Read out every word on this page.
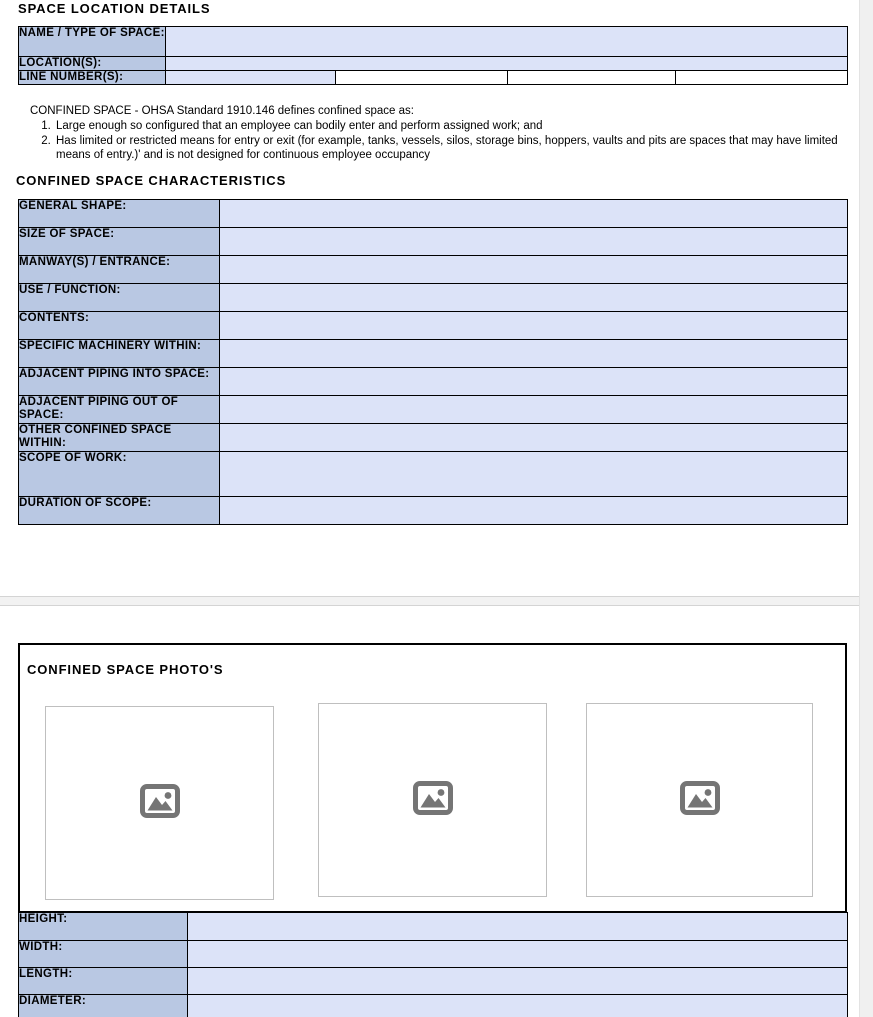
SPACE LOCATION DETAILS
NAME / TYPE OF SPACE:				
LOCATION(S):				
LINE NUMBER(S):				

CONFINED SPACE - OHSA Standard 1910.146 defines confined space as:

1. Large enough so configured that an employee can bodily enter and perform assigned work; and
2. Has limited or restricted means for entry or exit (for example, tanks, vessels, silos, storage bins, hoppers, vaults and pits are spaces that may have limited means of entry.)' and is not designed for continuous employee occupancy
CONFINED SPACE CHARACTERISTICS
GENERAL SHAPE:	
SIZE OF SPACE:	
MANWAY(S) / ENTRANCE:	
USE / FUNCTION:	
CONTENTS:	
SPECIFIC MACHINERY WITHIN:	
ADJACENT PIPING INTO SPACE:	
ADJACENT PIPING OUT OF SPACE:	
OTHER CONFINED SPACE WITHIN:	
SCOPE OF WORK:	
DURATION OF SCOPE:	
CONFINED SPACE PHOTO'S
HEIGHT:	
WIDTH:	
LENGTH:	
DIAMETER:	
